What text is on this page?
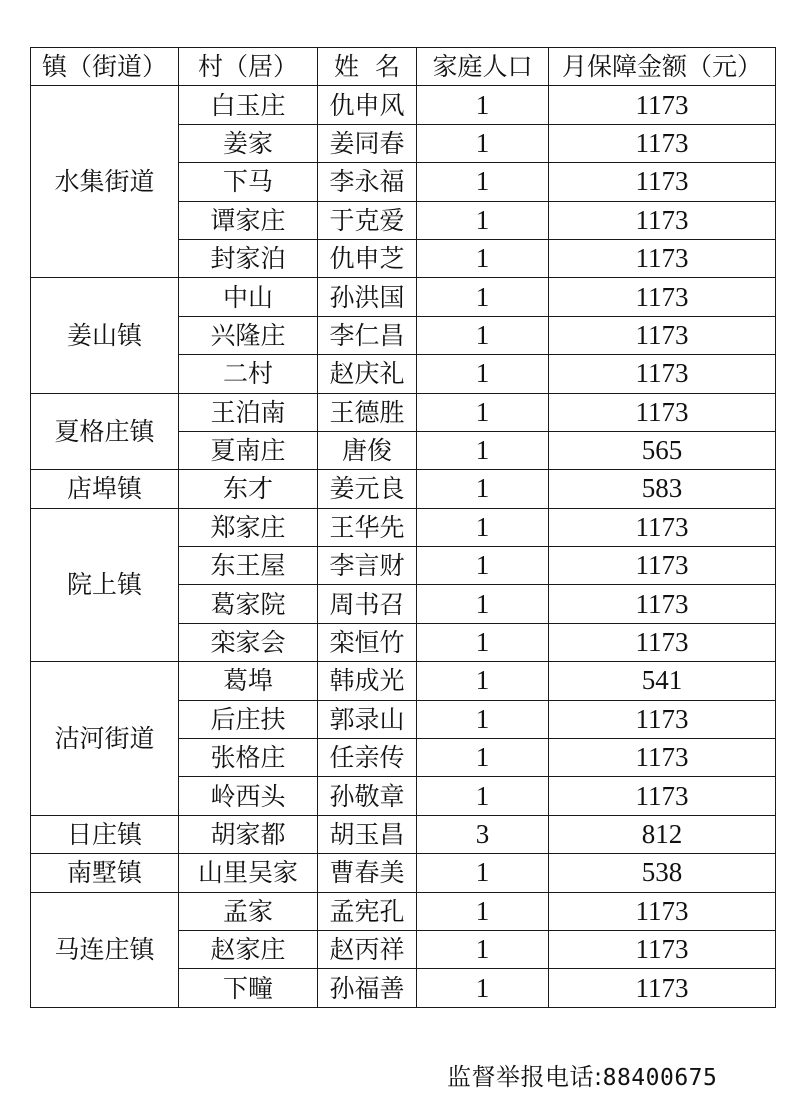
镇（街道）	村（居）	姓  名	家庭人口	月保障金额（元）
水集街道	白玉庄	仇申风	1	1173
	姜家	姜同春	1	1173
	下马	李永福	1	1173
	谭家庄	于克爱	1	1173
	封家泊	仇申芝	1	1173
姜山镇	中山	孙洪国	1	1173
	兴隆庄	李仁昌	1	1173
	二村	赵庆礼	1	1173
夏格庄镇	王泊南	王德胜	1	1173
	夏南庄	唐俊	1	565
店埠镇	东才	姜元良	1	583
院上镇	郑家庄	王华先	1	1173
	东王屋	李言财	1	1173
	葛家院	周书召	1	1173
	栾家会	栾恒竹	1	1173
沽河街道	葛埠	韩成光	1	541
	后庄扶	郭录山	1	1173
	张格庄	任亲传	1	1173
	岭西头	孙敬章	1	1173
日庄镇	胡家都	胡玉昌	3	812
南墅镇	山里吴家	曹春美	1	538
马连庄镇	孟家	孟宪孔	1	1173
	赵家庄	赵丙祥	1	1173
	下疃	孙福善	1	1173
监督举报电话:88400675
